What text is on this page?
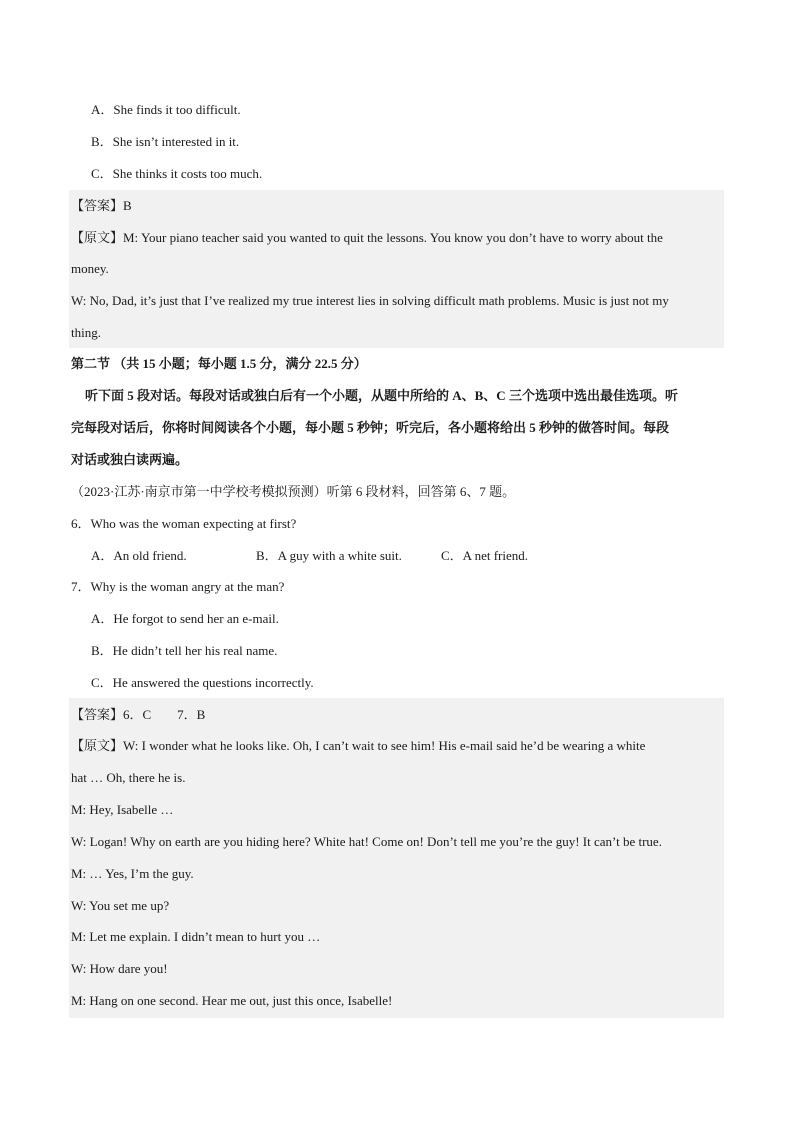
A．She finds it too difficult.
B．She isn’t interested in it.
C．She thinks it costs too much.
【答案】B
【原文】M: Your piano teacher said you wanted to quit the lessons. You know you don’t have to worry about the
money.
W: No, Dad, it’s just that I’ve realized my true interest lies in solving difficult math problems. Music is just not my
thing.
第二节 （共 15 小题；每小题 1.5 分，满分 22.5 分）
听下面 5 段对话。每段对话或独白后有一个小题，从题中所给的 A、B、C 三个选项中选出最佳选项。听
完每段对话后，你将时间阅读各个小题，每小题 5 秒钟；听完后，各小题将给出 5 秒钟的做答时间。每段
对话或独白读两遍。
（2023·江苏·南京市第一中学校考模拟预测）听第 6 段材料，回答第 6、7 题。
6．Who was the woman expecting at first?
A．An old friend.	B．A guy with a white suit.	C．A net friend.
7．Why is the woman angry at the man?
A．He forgot to send her an e-mail.
B．He didn’t tell her his real name.
C．He answered the questions incorrectly.
【答案】6．C　　7．B
【原文】W: I wonder what he looks like. Oh, I can’t wait to see him! His e-mail said he’d be wearing a white
hat … Oh, there he is.
M: Hey, Isabelle …
W: Logan! Why on earth are you hiding here? White hat! Come on! Don’t tell me you’re the guy! It can’t be true.
M: … Yes, I’m the guy.
W: You set me up?
M: Let me explain. I didn’t mean to hurt you …
W: How dare you!
M: Hang on one second. Hear me out, just this once, Isabelle!
